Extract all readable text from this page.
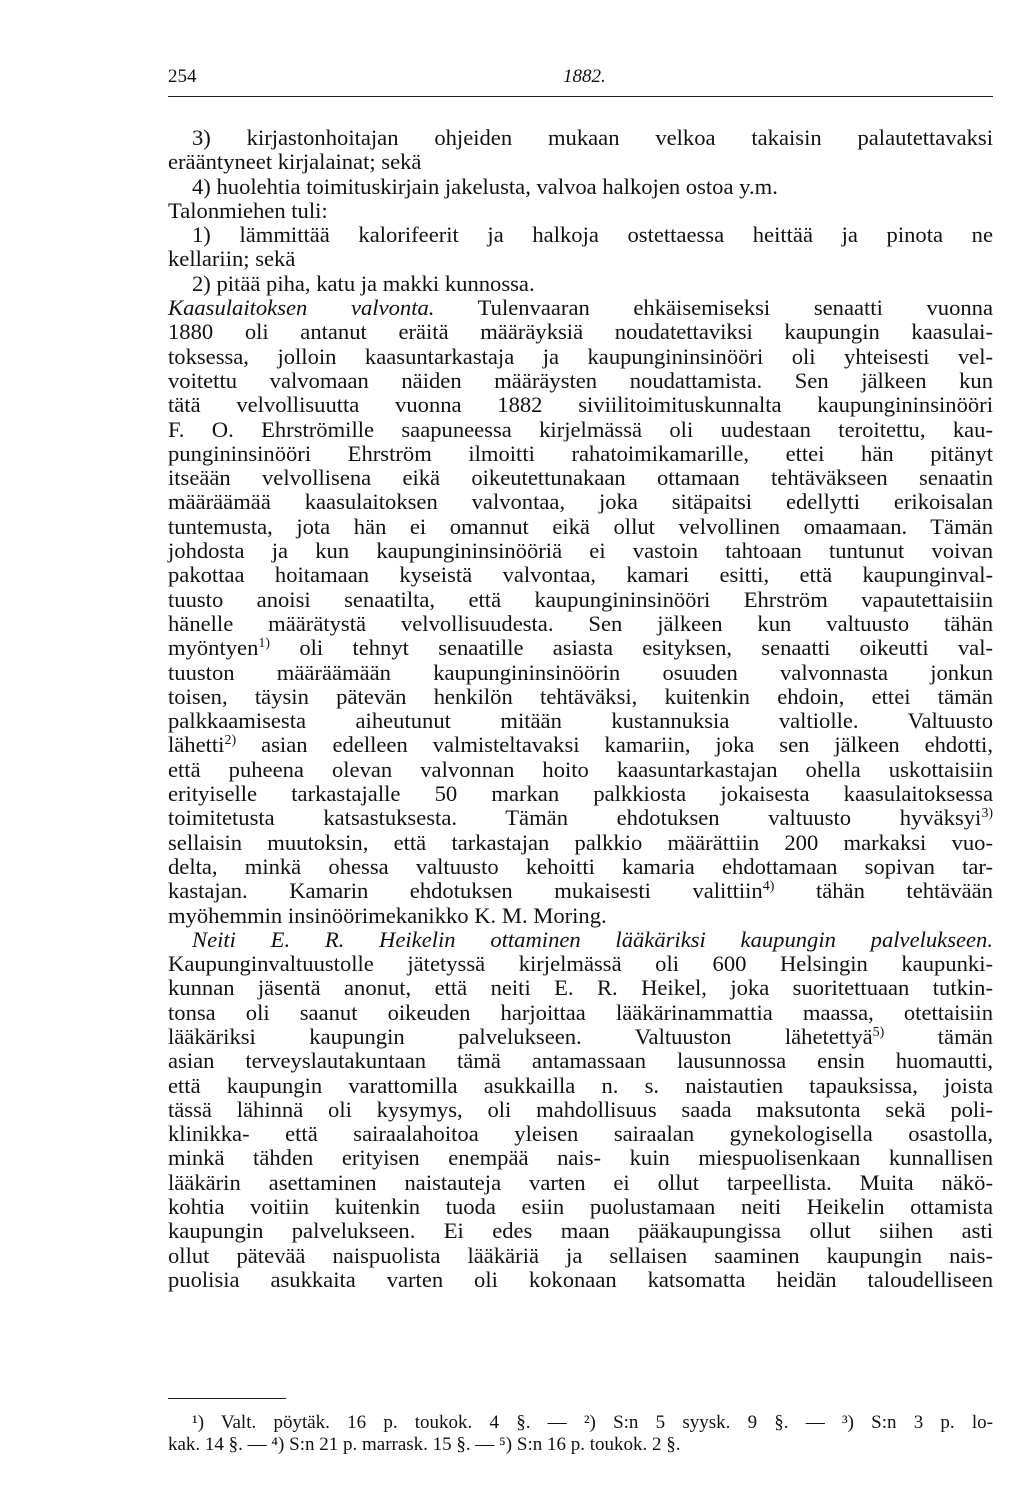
254	1882.
3) kirjastonhoitajan ohjeiden mukaan velkoa takaisin palautettavaksi
erääntyneet kirjalainat; sekä
4) huolehtia toimituskirjain jakelusta, valvoa halkojen ostoa y.m.
Talonmiehen tuli:
1) lämmittää kalorifeerit ja halkoja ostettaessa heittää ja pinota ne
kellariin; sekä
2) pitää piha, katu ja makki kunnossa.
Kaasulaitoksen valvonta. Tulenvaaran ehkäisemiseksi senaatti vuonna
1880 oli antanut eräitä määräyksiä noudatettaviksi kaupungin kaasulai-
toksessa, jolloin kaasuntarkastaja ja kaupungininsinööri oli yhteisesti vel-
voitettu valvomaan näiden määräysten noudattamista. Sen jälkeen kun
tätä velvollisuutta vuonna 1882 siviilitoimituskunnalta kaupungininsinööri
F. O. Ehrströmille saapuneessa kirjelmässä oli uudestaan teroitettu, kau-
pungininsinööri Ehrström ilmoitti rahatoimikamarille, ettei hän pitänyt
itseään velvollisena eikä oikeutettunakaan ottamaan tehtäväkseen senaatin
määräämää kaasulaitoksen valvontaa, joka sitäpaitsi edellytti erikoisalan
tuntemusta, jota hän ei omannut eikä ollut velvollinen omaamaan. Tämän
johdosta ja kun kaupungininsinööriä ei vastoin tahtoaan tuntunut voivan
pakottaa hoitamaan kyseistä valvontaa, kamari esitti, että kaupunginval-
tuusto anoisi senaatilta, että kaupungininsinööri Ehrström vapautettaisiin
hänelle määrätystä velvollisuudesta. Sen jälkeen kun valtuusto tähän
myöntyen$^{1)}$ oli tehnyt senaatille asiasta esityksen, senaatti oikeutti val-
tuuston määräämään kaupungininsinöörin osuuden valvonnasta jonkun
toisen, täysin pätevän henkilön tehtäväksi, kuitenkin ehdoin, ettei tämän
palkkaamisesta aiheutunut mitään kustannuksia valtiolle. Valtuusto
lähetti$^{2)}$ asian edelleen valmisteltavaksi kamariin, joka sen jälkeen ehdotti,
että puheena olevan valvonnan hoito kaasuntarkastajan ohella uskottaisiin
erityiselle tarkastajalle 50 markan palkkiosta jokaisesta kaasulaitoksessa
toimitetusta katsastuksesta. Tämän ehdotuksen valtuusto hyväksyi$^{3)}$
sellaisin muutoksin, että tarkastajan palkkio määrättiin 200 markaksi vuo-
delta, minkä ohessa valtuusto kehoitti kamaria ehdottamaan sopivan tar-
kastajan. Kamarin ehdotuksen mukaisesti valittiin$^{4)}$ tähän tehtävään
myöhemmin insinöörimekanikko K. M. Moring.
Neiti E. R. Heikelin ottaminen lääkäriksi kaupungin palvelukseen.
Kaupunginvaltuustolle jätetyssä kirjelmässä oli 600 Helsingin kaupunki-
kunnan jäsentä anonut, että neiti E. R. Heikel, joka suoritettuaan tutkin-
tonsa oli saanut oikeuden harjoittaa lääkärinammattia maassa, otettaisiin
lääkäriksi kaupungin palvelukseen. Valtuuston lähetettyä$^{5)}$ tämän
asian terveyslautakuntaan tämä antamassaan lausunnossa ensin huomautti,
että kaupungin varattomilla asukkailla n. s. naistautien tapauksissa, joista
tässä lähinnä oli kysymys, oli mahdollisuus saada maksutonta sekä poli-
klinikka- että sairaalahoitoa yleisen sairaalan gynekologisella osastolla,
minkä tähden erityisen enempää nais- kuin miespuolisenkaan kunnallisen
lääkärin asettaminen naistauteja varten ei ollut tarpeellista. Muita näkö-
kohtia voitiin kuitenkin tuoda esiin puolustamaan neiti Heikelin ottamista
kaupungin palvelukseen. Ei edes maan pääkaupungissa ollut siihen asti
ollut pätevää naispuolista lääkäriä ja sellaisen saaminen kaupungin nais-
puolisia asukkaita varten oli kokonaan katsomatta heidän taloudelliseen
¹) Valt. pöytäk. 16 p. toukok. 4 §. — ²) S:n 5 syysk. 9 §. — ³) S:n 3 p. lo-
kak. 14 §. — ⁴) S:n 21 p. marrask. 15 §. — ⁵) S:n 16 p. toukok. 2 §.
